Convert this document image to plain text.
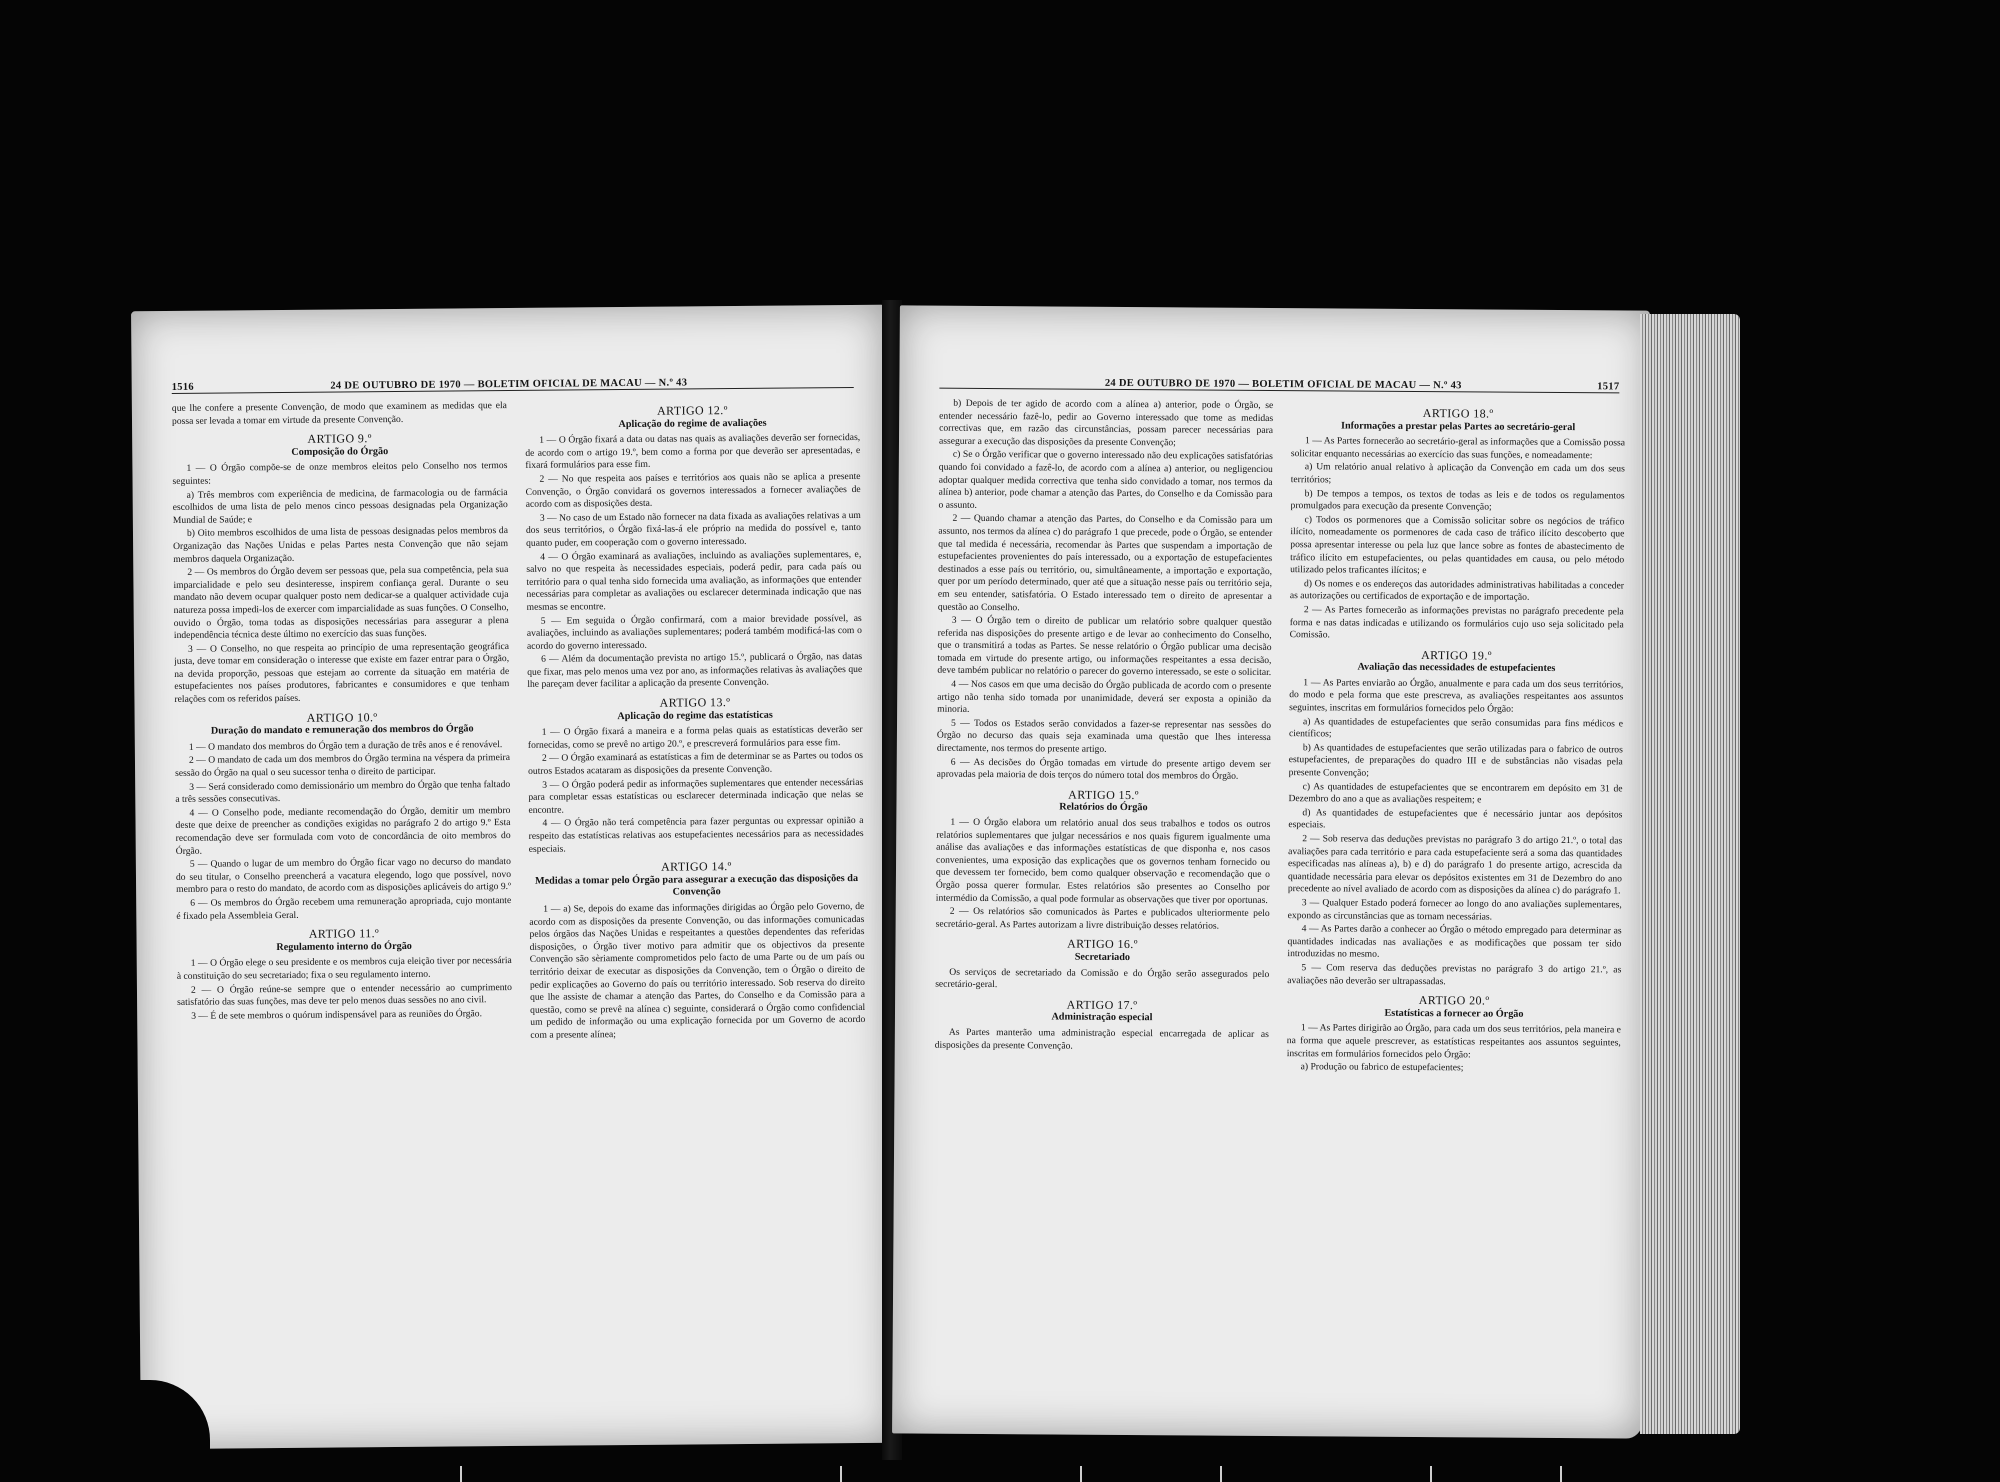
1516	24 DE OUTUBRO DE 1970 — BOLETIM OFICIAL DE MACAU — N.º 43

que lhe confere a presente Convenção, de modo que examinem as medidas que ela possa ser levada a tomar em virtude da presente Convenção.

ARTIGO 9.º
Composição do Órgão

1 — O Órgão compõe-se de onze membros eleitos pelo Conselho nos termos seguintes:

a) Três membros com experiência de medicina, de farmacologia ou de farmácia escolhidos de uma lista de pelo menos cinco pessoas designadas pela Organização Mundial de Saúde; e

b) Oito membros escolhidos de uma lista de pessoas designadas pelos membros da Organização das Nações Unidas e pelas Partes nesta Convenção que não sejam membros daquela Organização.

2 — Os membros do Órgão devem ser pessoas que, pela sua competência, pela sua imparcialidade e pelo seu desinteresse, inspirem confiança geral. Durante o seu mandato não devem ocupar qualquer posto nem dedicar-se a qualquer actividade cuja natureza possa impedi-los de exercer com imparcialidade as suas funções. O Conselho, ouvido o Órgão, toma todas as disposições necessárias para assegurar a plena independência técnica deste último no exercício das suas funções.

3 — O Conselho, no que respeita ao princípio de uma representação geográfica justa, deve tomar em consideração o interesse que existe em fazer entrar para o Órgão, na devida proporção, pessoas que estejam ao corrente da situação em matéria de estupefacientes nos países produtores, fabricantes e consumidores e que tenham relações com os referidos países.

ARTIGO 10.º
Duração do mandato e remuneração dos membros do Órgão

1 — O mandato dos membros do Órgão tem a duração de três anos e é renovável.

2 — O mandato de cada um dos membros do Órgão termina na véspera da primeira sessão do Órgão na qual o seu sucessor tenha o direito de participar.

3 — Será considerado como demissionário um membro do Órgão que tenha faltado a três sessões consecutivas.

4 — O Conselho pode, mediante recomendação do Órgão, demitir um membro deste que deixe de preencher as condições exigidas no parágrafo 2 do artigo 9.º Esta recomendação deve ser formulada com voto de concordância de oito membros do Órgão.

5 — Quando o lugar de um membro do Órgão ficar vago no decurso do mandato do seu titular, o Conselho preencherá a vacatura elegendo, logo que possível, novo membro para o resto do mandato, de acordo com as disposições aplicáveis do artigo 9.º

6 — Os membros do Órgão recebem uma remuneração apropriada, cujo montante é fixado pela Assembleia Geral.

ARTIGO 11.º
Regulamento interno do Órgão

1 — O Órgão elege o seu presidente e os membros cuja eleição tiver por necessária à constituição do seu secretariado; fixa o seu regulamento interno.

2 — O Órgão reúne-se sempre que o entender necessário ao cumprimento satisfatório das suas funções, mas deve ter pelo menos duas sessões no ano civil.

3 — É de sete membros o quórum indispensável para as reuniões do Órgão.

ARTIGO 12.º
Aplicação do regime de avaliações

1 — O Órgão fixará a data ou datas nas quais as avaliações deverão ser fornecidas, de acordo com o artigo 19.º, bem como a forma por que deverão ser apresentadas, e fixará formulários para esse fim.

2 — No que respeita aos países e territórios aos quais não se aplica a presente Convenção, o Órgão convidará os governos interessados a fornecer avaliações de acordo com as disposições desta.

3 — No caso de um Estado não fornecer na data fixada as avaliações relativas a um dos seus territórios, o Órgão fixá-las-á ele próprio na medida do possível e, tanto quanto puder, em cooperação com o governo interessado.

4 — O Órgão examinará as avaliações, incluindo as avaliações suplementares, e, salvo no que respeita às necessidades especiais, poderá pedir, para cada país ou território para o qual tenha sido fornecida uma avaliação, as informações que entender necessárias para completar as avaliações ou esclarecer determinada indicação que nas mesmas se encontre.

5 — Em seguida o Órgão confirmará, com a maior brevidade possível, as avaliações, incluindo as avaliações suplementares; poderá também modificá-las com o acordo do governo interessado.

6 — Além da documentação prevista no artigo 15.º, publicará o Órgão, nas datas que fixar, mas pelo menos uma vez por ano, as informações relativas às avaliações que lhe pareçam dever facilitar a aplicação da presente Convenção.

ARTIGO 13.º
Aplicação do regime das estatísticas

1 — O Órgão fixará a maneira e a forma pelas quais as estatísticas deverão ser fornecidas, como se prevê no artigo 20.º, e prescreverá formulários para esse fim.

2 — O Órgão examinará as estatísticas a fim de determinar se as Partes ou todos os outros Estados acataram as disposições da presente Convenção.

3 — O Órgão poderá pedir as informações suplementares que entender necessárias para completar essas estatísticas ou esclarecer determinada indicação que nelas se encontre.

4 — O Órgão não terá competência para fazer perguntas ou expressar opinião a respeito das estatísticas relativas aos estupefacientes necessários para as necessidades especiais.

ARTIGO 14.º
Medidas a tomar pelo Órgão para assegurar a execução das disposições da Convenção

1 — a) Se, depois do exame das informações dirigidas ao Órgão pelo Governo, de acordo com as disposições da presente Convenção, ou das informações comunicadas pelos órgãos das Nações Unidas e respeitantes a questões dependentes das referidas disposições, o Órgão tiver motivo para admitir que os objectivos da presente Convenção são sèriamente comprometidos pelo facto de uma Parte ou de um país ou território deixar de executar as disposições da Convenção, tem o Órgão o direito de pedir explicações ao Governo do país ou território interessado. Sob reserva do direito que lhe assiste de chamar a atenção das Partes, do Conselho e da Comissão para a questão, como se prevê na alínea c) seguinte, considerará o Órgão como confidencial um pedido de informação ou uma explicação fornecida por um Governo de acordo com a presente alínea;

24 DE OUTUBRO DE 1970 — BOLETIM OFICIAL DE MACAU — N.º 43	1517

b) Depois de ter agido de acordo com a alínea a) anterior, pode o Órgão, se entender necessário fazê-lo, pedir ao Governo interessado que tome as medidas correctivas que, em razão das circunstâncias, possam parecer necessárias para assegurar a execução das disposições da presente Convenção;

c) Se o Órgão verificar que o governo interessado não deu explicações satisfatórias quando foi convidado a fazê-lo, de acordo com a alínea a) anterior, ou negligenciou adoptar qualquer medida correctiva que tenha sido convidado a tomar, nos termos da alínea b) anterior, pode chamar a atenção das Partes, do Conselho e da Comissão para o assunto.

2 — Quando chamar a atenção das Partes, do Conselho e da Comissão para um assunto, nos termos da alínea c) do parágrafo 1 que precede, pode o Órgão, se entender que tal medida é necessária, recomendar às Partes que suspendam a importação de estupefacientes provenientes do país interessado, ou a exportação de estupefacientes destinados a esse país ou território, ou, simultâneamente, a importação e exportação, quer por um período determinado, quer até que a situação nesse país ou território seja, em seu entender, satisfatória. O Estado interessado tem o direito de apresentar a questão ao Conselho.

3 — O Órgão tem o direito de publicar um relatório sobre qualquer questão referida nas disposições do presente artigo e de levar ao conhecimento do Conselho, que o transmitirá a todas as Partes. Se nesse relatório o Órgão publicar uma decisão tomada em virtude do presente artigo, ou informações respeitantes a essa decisão, deve também publicar no relatório o parecer do governo interessado, se este o solicitar.

4 — Nos casos em que uma decisão do Órgão publicada de acordo com o presente artigo não tenha sido tomada por unanimidade, deverá ser exposta a opinião da minoria.

5 — Todos os Estados serão convidados a fazer-se representar nas sessões do Órgão no decurso das quais seja examinada uma questão que lhes interessa directamente, nos termos do presente artigo.

6 — As decisões do Órgão tomadas em virtude do presente artigo devem ser aprovadas pela maioria de dois terços do número total dos membros do Órgão.

ARTIGO 15.º
Relatórios do Órgão

1 — O Órgão elabora um relatório anual dos seus trabalhos e todos os outros relatórios suplementares que julgar necessários e nos quais figurem igualmente uma análise das avaliações e das informações estatísticas de que disponha e, nos casos convenientes, uma exposição das explicações que os governos tenham fornecido ou que devessem ter fornecido, bem como qualquer observação e recomendação que o Órgão possa querer formular. Estes relatórios são presentes ao Conselho por intermédio da Comissão, a qual pode formular as observações que tiver por oportunas.

2 — Os relatórios são comunicados às Partes e publicados ulteriormente pelo secretário-geral. As Partes autorizam a livre distribuição desses relatórios.

ARTIGO 16.º
Secretariado

Os serviços de secretariado da Comissão e do Órgão serão assegurados pelo secretário-geral.

ARTIGO 17.º
Administração especial

As Partes manterão uma administração especial encarregada de aplicar as disposições da presente Convenção.

ARTIGO 18.º
Informações a prestar pelas Partes ao secretário-geral

1 — As Partes fornecerão ao secretário-geral as informações que a Comissão possa solicitar enquanto necessárias ao exercício das suas funções, e nomeadamente:

a) Um relatório anual relativo à aplicação da Convenção em cada um dos seus territórios;

b) De tempos a tempos, os textos de todas as leis e de todos os regulamentos promulgados para execução da presente Convenção;

c) Todos os pormenores que a Comissão solicitar sobre os negócios de tráfico ilícito, nomeadamente os pormenores de cada caso de tráfico ilícito descoberto que possa apresentar interesse ou pela luz que lance sobre as fontes de abastecimento de tráfico ilícito em estupefacientes, ou pelas quantidades em causa, ou pelo método utilizado pelos traficantes ilícitos; e

d) Os nomes e os endereços das autoridades administrativas habilitadas a conceder as autorizações ou certificados de exportação e de importação.

2 — As Partes fornecerão as informações previstas no parágrafo precedente pela forma e nas datas indicadas e utilizando os formulários cujo uso seja solicitado pela Comissão.

ARTIGO 19.º
Avaliação das necessidades de estupefacientes

1 — As Partes enviarão ao Órgão, anualmente e para cada um dos seus territórios, do modo e pela forma que este prescreva, as avaliações respeitantes aos assuntos seguintes, inscritas em formulários fornecidos pelo Órgão:

a) As quantidades de estupefacientes que serão consumidas para fins médicos e científicos;

b) As quantidades de estupefacientes que serão utilizadas para o fabrico de outros estupefacientes, de preparações do quadro III e de substâncias não visadas pela presente Convenção;

c) As quantidades de estupefacientes que se encontrarem em depósito em 31 de Dezembro do ano a que as avaliações respeitem; e

d) As quantidades de estupefacientes que é necessário juntar aos depósitos especiais.

2 — Sob reserva das deduções previstas no parágrafo 3 do artigo 21.º, o total das avaliações para cada território e para cada estupefaciente será a soma das quantidades especificadas nas alíneas a), b) e d) do parágrafo 1 do presente artigo, acrescida da quantidade necessária para elevar os depósitos existentes em 31 de Dezembro do ano precedente ao nível avaliado de acordo com as disposições da alínea c) do parágrafo 1.

3 — Qualquer Estado poderá fornecer ao longo do ano avaliações suplementares, expondo as circunstâncias que as tornam necessárias.

4 — As Partes darão a conhecer ao Órgão o método empregado para determinar as quantidades indicadas nas avaliações e as modificações que possam ter sido introduzidas no mesmo.

5 — Com reserva das deduções previstas no parágrafo 3 do artigo 21.º, as avaliações não deverão ser ultrapassadas.

ARTIGO 20.º
Estatísticas a fornecer ao Órgão

1 — As Partes dirigirão ao Órgão, para cada um dos seus territórios, pela maneira e na forma que aquele prescrever, as estatísticas respeitantes aos assuntos seguintes, inscritas em formulários fornecidos pelo Órgão:

a) Produção ou fabrico de estupefacientes;
